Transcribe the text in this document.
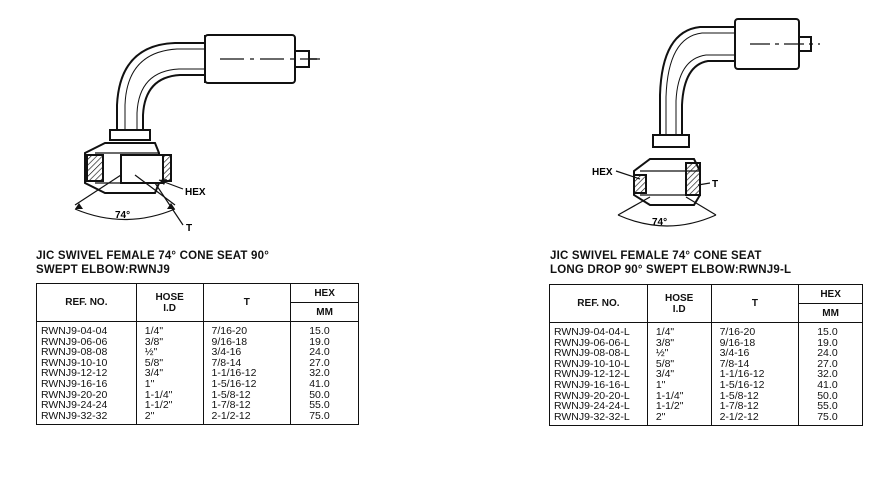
74°
HEX
T
HEX
T
74°
JIC SWIVEL FEMALE 74° CONE SEAT 90°
SWEPT ELBOW:RWNJ9
JIC SWIVEL FEMALE 74° CONE SEAT
LONG DROP 90° SWEPT ELBOW:RWNJ9-L
REF. NO.	HOSE
I.D	T	HEX
			MM
RWNJ9-04-04	1/4"	7/16-20	15.0
RWNJ9-06-06	3/8"	9/16-18	19.0
RWNJ9-08-08	½"	3/4-16	24.0
RWNJ9-10-10	5/8"	7/8-14	27.0
RWNJ9-12-12	3/4"	1-1/16-12	32.0
RWNJ9-16-16	1"	1-5/16-12	41.0
RWNJ9-20-20	1-1/4"	1-5/8-12	50.0
RWNJ9-24-24	1-1/2"	1-7/8-12	55.0
RWNJ9-32-32	2"	2-1/2-12	75.0
REF. NO.	HOSE
I.D	T	HEX
			MM
RWNJ9-04-04-L	1/4"	7/16-20	15.0
RWNJ9-06-06-L	3/8"	9/16-18	19.0
RWNJ9-08-08-L	½"	3/4-16	24.0
RWNJ9-10-10-L	5/8"	7/8-14	27.0
RWNJ9-12-12-L	3/4"	1-1/16-12	32.0
RWNJ9-16-16-L	1"	1-5/16-12	41.0
RWNJ9-20-20-L	1-1/4"	1-5/8-12	50.0
RWNJ9-24-24-L	1-1/2"	1-7/8-12	55.0
RWNJ9-32-32-L	2"	2-1/2-12	75.0
